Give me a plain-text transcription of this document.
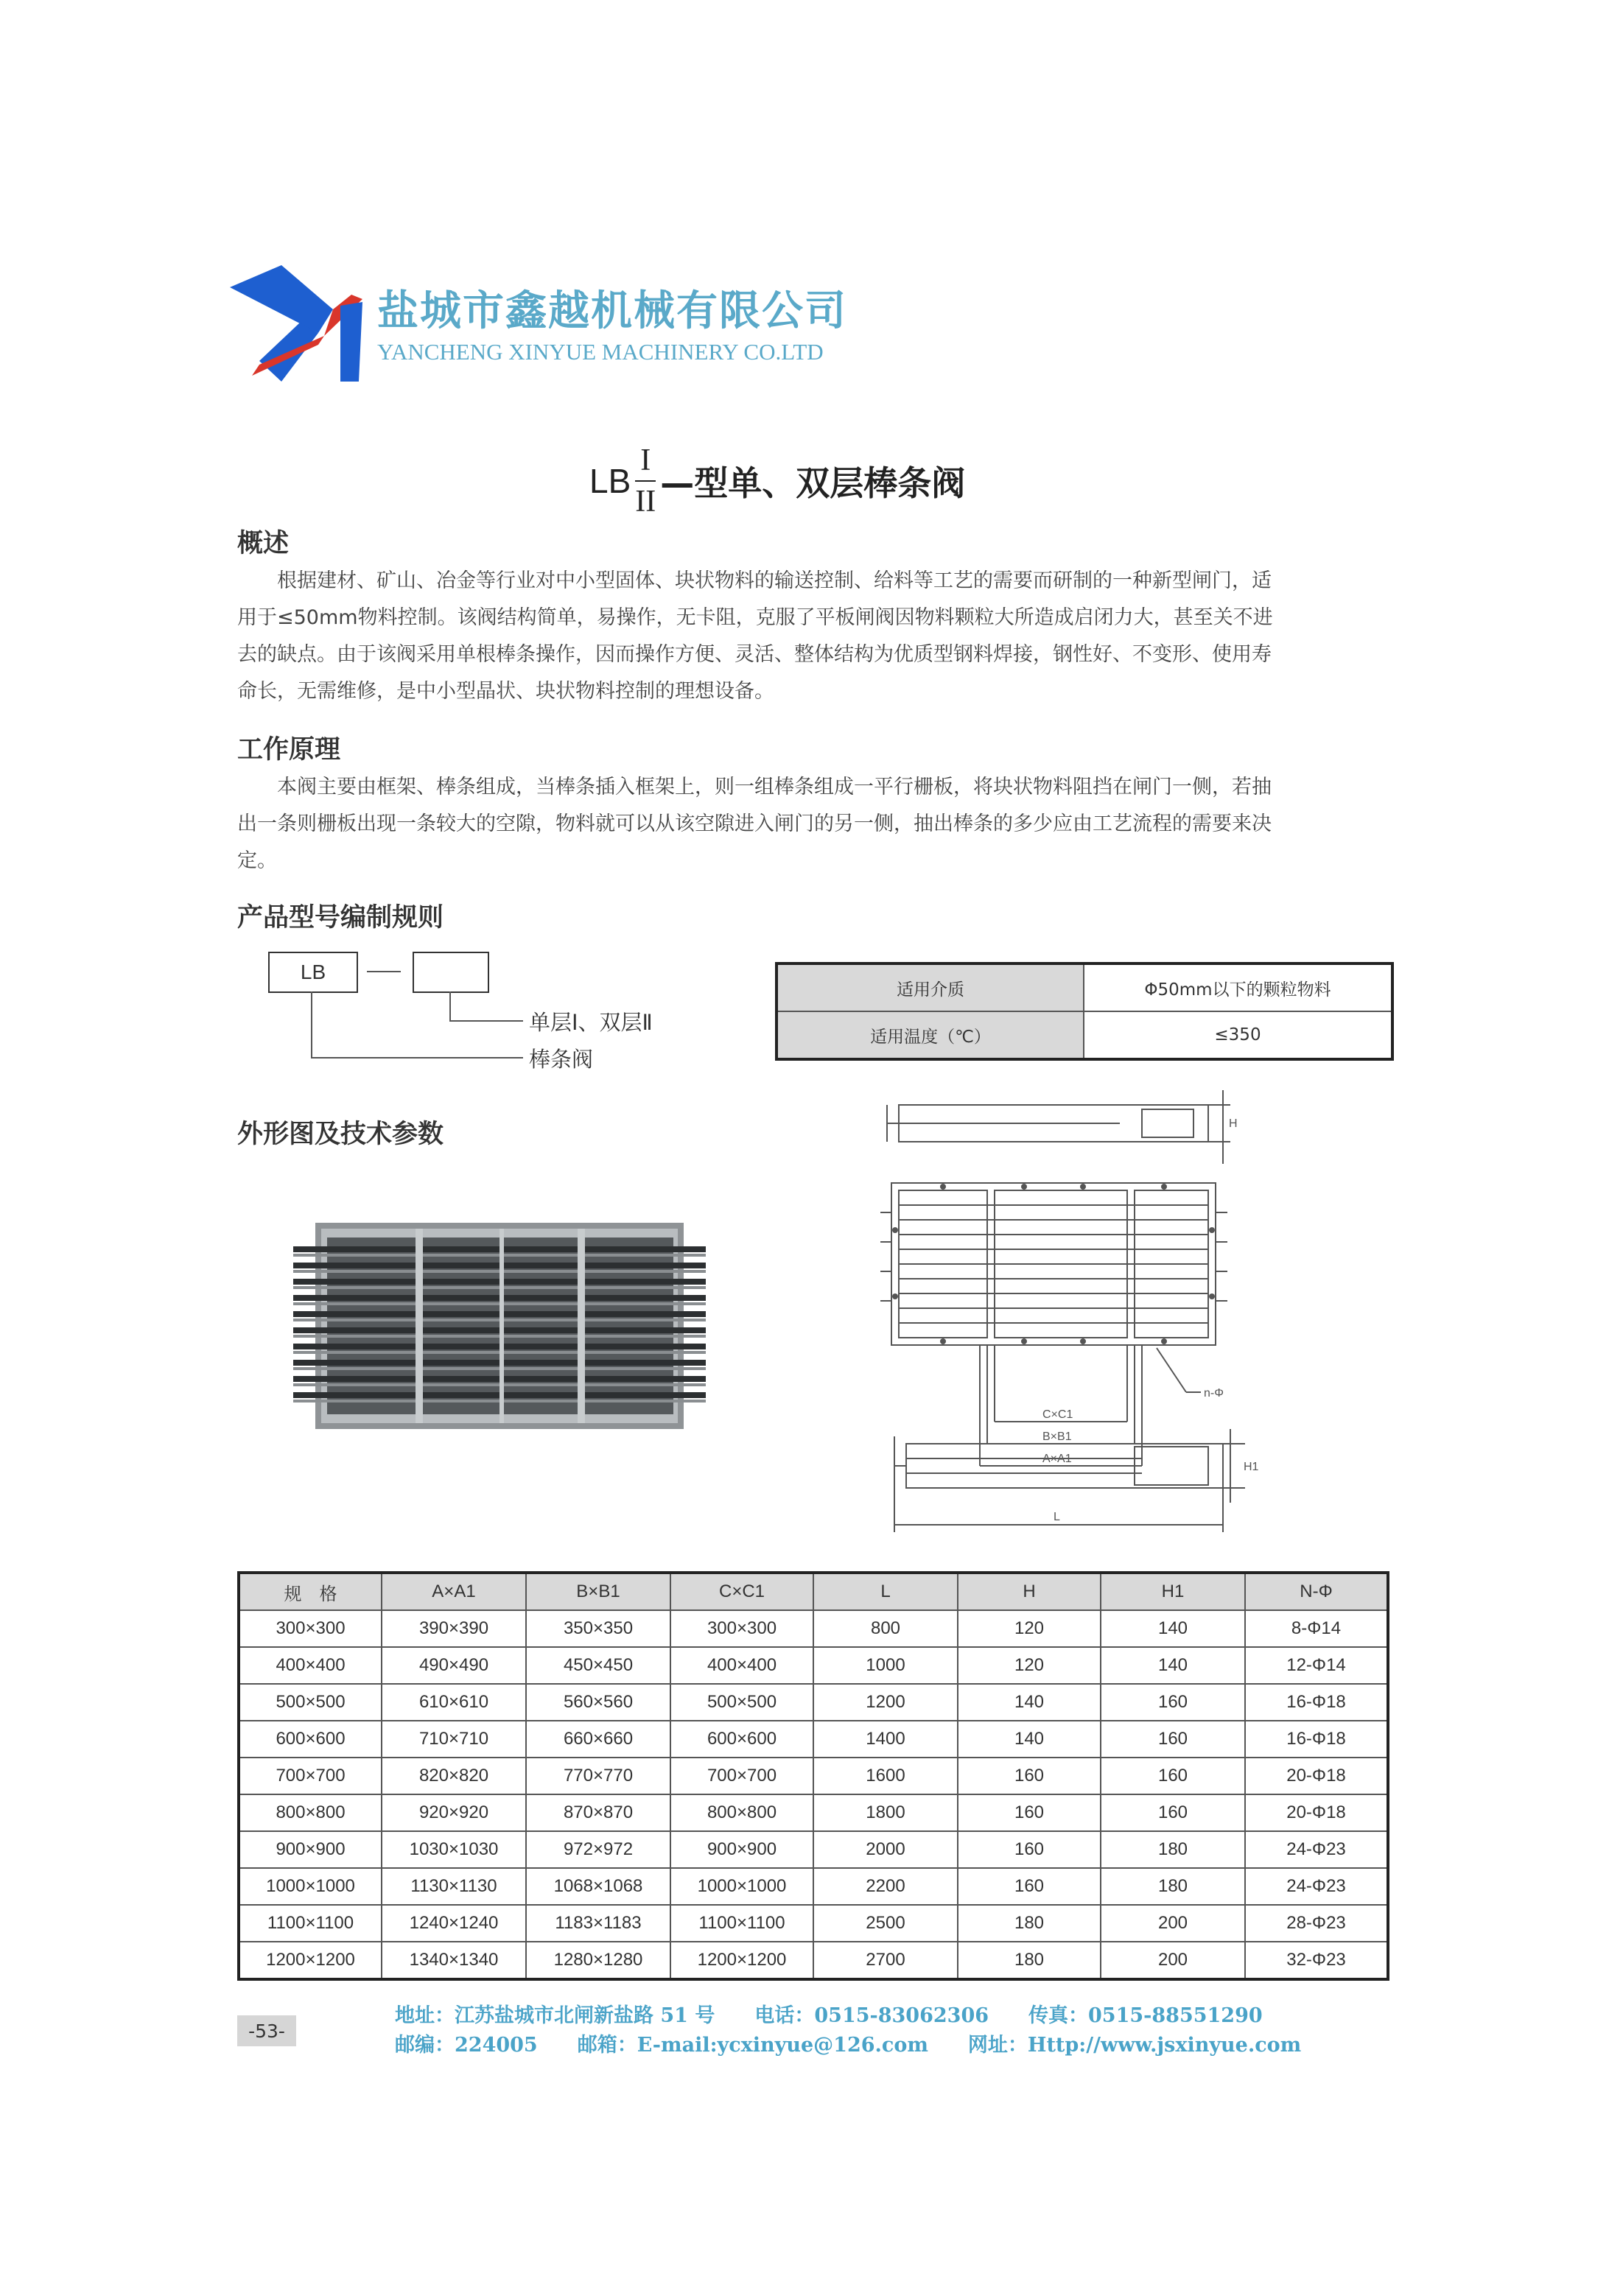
盐城市鑫越机械有限公司
YANCHENG XINYUE MACHINERY CO.LTD
LB
I
II —型单、双层棒条阀
概述
根据建材、矿山、冶金等行业对中小型固体、块状物料的输送控制、给料等工艺的需要而研制的一种新型闸门，适
用于≤50mm物料控制。该阀结构简单，易操作，无卡阻，克服了平板闸阀因物料颗粒大所造成启闭力大，甚至关不进
去的缺点。由于该阀采用单根棒条操作，因而操作方便、灵活、整体结构为优质型钢料焊接，钢性好、不变形、使用寿
命长，无需维修，是中小型晶状、块状物料控制的理想设备。
工作原理
本阀主要由框架、棒条组成，当棒条插入框架上，则一组棒条组成一平行栅板，将块状物料阻挡在闸门一侧，若抽
出一条则栅板出现一条较大的空隙，物料就可以从该空隙进入闸门的另一侧，抽出棒条的多少应由工艺流程的需要来决
定。
产品型号编制规则
LB
单层Ⅰ、双层Ⅱ
棒条阀
适用介质	Φ50mm以下的颗粒物料
适用温度（℃）	≤350
外形图及技术参数	H
C×C1
B×B1
A×A1
n-Φ
H1
L
规　格	A×A1	B×B1	C×C1	L	H	H1	N-Φ
300×300	390×390	350×350	300×300	800	120	140	8-Φ14
400×400	490×490	450×450	400×400	1000	120	140	12-Φ14
500×500	610×610	560×560	500×500	1200	140	160	16-Φ18
600×600	710×710	660×660	600×600	1400	140	160	16-Φ18
700×700	820×820	770×770	700×700	1600	160	160	20-Φ18
800×800	920×920	870×870	800×800	1800	160	160	20-Φ18
900×900	1030×1030	972×972	900×900	2000	160	180	24-Φ23
1000×1000	1130×1130	1068×1068	1000×1000	2200	160	180	24-Φ23
1100×1100	1240×1240	1183×1183	1100×1100	2500	180	200	28-Φ23
1200×1200	1340×1340	1280×1280	1200×1200	2700	180	200	32-Φ23
-53-
地址：江苏盐城市北闸新盐路 51 号　　电话：0515-83062306　　传真：0515-88551290
邮编：224005　　邮箱：E-mail:ycxinyue@126.com　　网址：Http://www.jsxinyue.com
